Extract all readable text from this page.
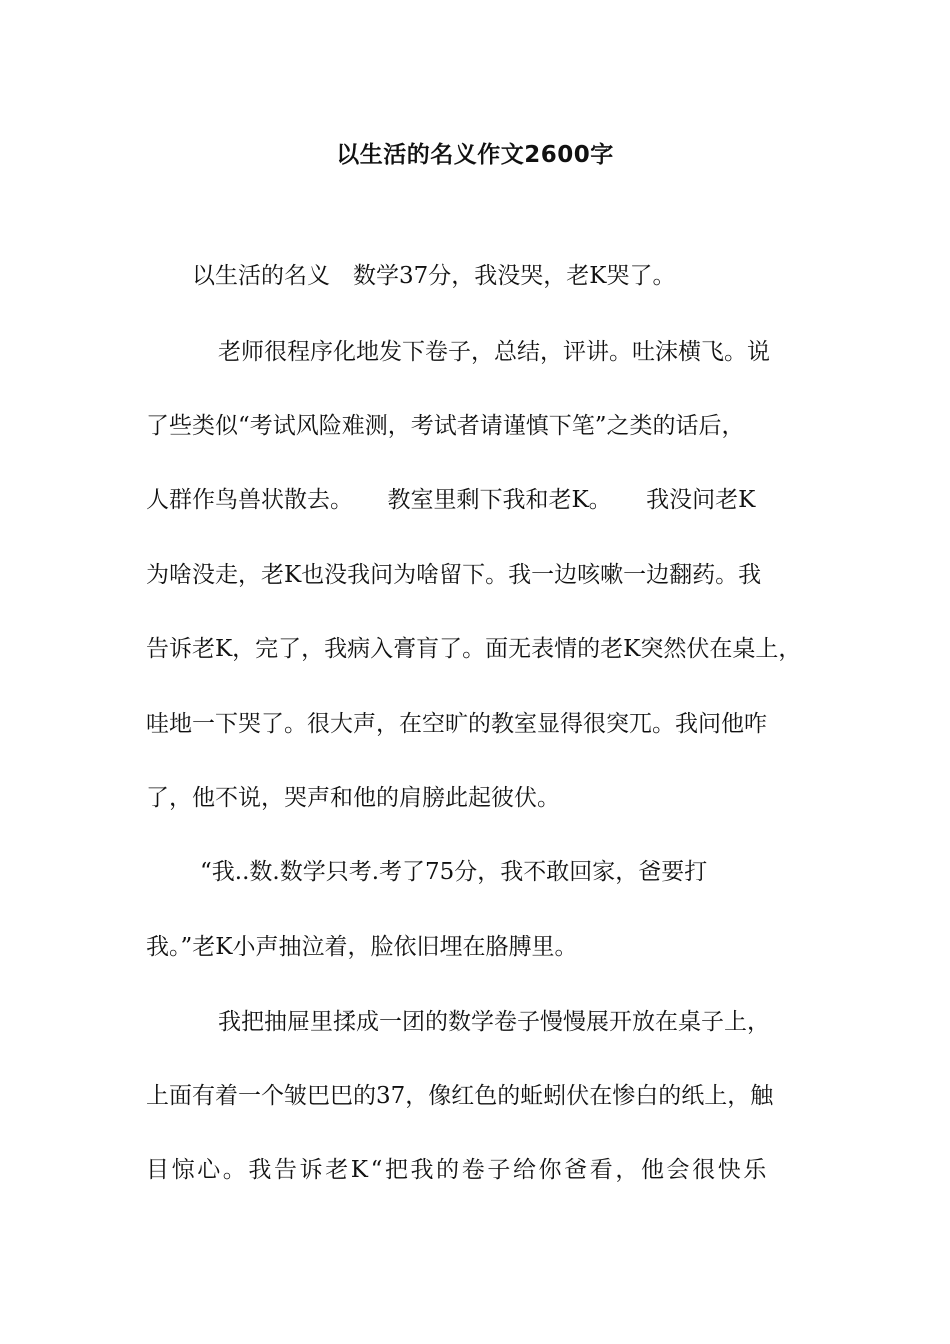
以生活的名义作文2600字

以生活的名义　数学37分，我没哭，老K哭了。

老师很程序化地发下卷子，总结，评讲。吐沫横飞。说

了些类似“考试风险难测，考试者请谨慎下笔”之类的话后，

人群作鸟兽状散去。　　教室里剩下我和老K。　　我没问老K

为啥没走，老K也没我问为啥留下。我一边咳嗽一边翻药。我

告诉老K，完了，我病入膏肓了。面无表情的老K突然伏在桌上，

哇地一下哭了。很大声，在空旷的教室显得很突兀。我问他咋

了，他不说，哭声和他的肩膀此起彼伏。

“我..数.数学只考.考了75分，我不敢回家，爸要打

我。”老K小声抽泣着，脸依旧埋在胳膊里。

我把抽屉里揉成一团的数学卷子慢慢展开放在桌子上，

上面有着一个皱巴巴的37，像红色的蚯蚓伏在惨白的纸上，触

目惊心。我告诉老K“把我的卷子给你爸看，他会很快乐
